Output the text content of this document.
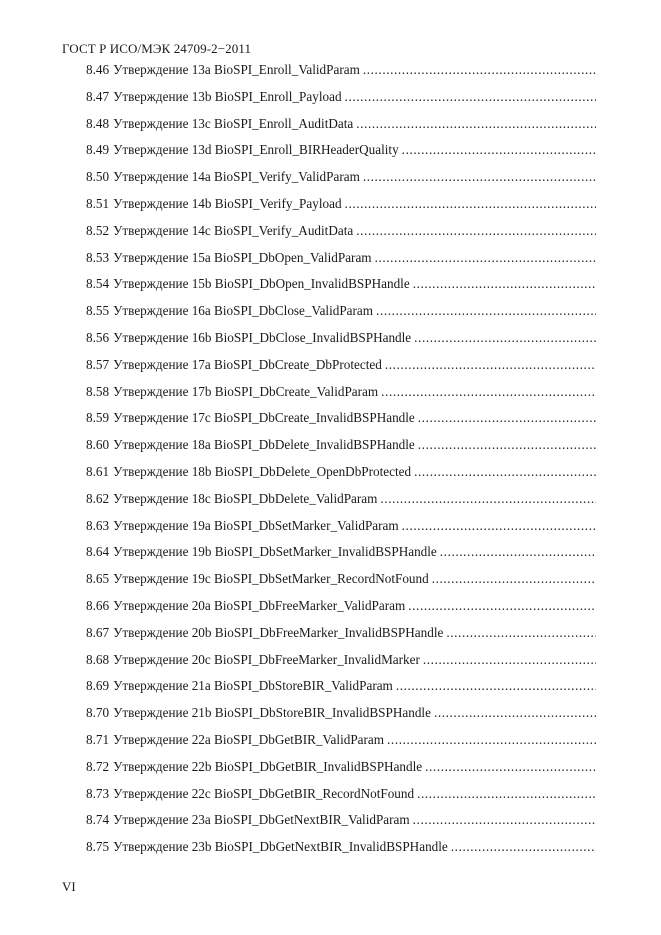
ГОСТ Р ИСО/МЭК 24709-2−2011
8.46 Утверждение 13a BioSPI_Enroll_ValidParam
.....
8.47 Утверждение 13b BioSPI_Enroll_Payload
.....
8.48 Утверждение 13c BioSPI_Enroll_AuditData
.....
8.49 Утверждение 13d BioSPI_Enroll_BIRHeaderQuality
.....
8.50 Утверждение 14a BioSPI_Verify_ValidParam
.....
8.51 Утверждение 14b BioSPI_Verify_Payload
.....
8.52 Утверждение 14c BioSPI_Verify_AuditData
.....
8.53 Утверждение 15a BioSPI_DbOpen_ValidParam
.....
8.54 Утверждение 15b BioSPI_DbOpen_InvalidBSPHandle
.....
8.55 Утверждение 16a BioSPI_DbClose_ValidParam
.....
8.56 Утверждение 16b BioSPI_DbClose_InvalidBSPHandle
.....
8.57 Утверждение 17a BioSPI_DbCreate_DbProtected
.....
8.58 Утверждение 17b BioSPI_DbCreate_ValidParam
.....
8.59 Утверждение 17c BioSPI_DbCreate_InvalidBSPHandle
.....
8.60 Утверждение 18a BioSPI_DbDelete_InvalidBSPHandle
.....
8.61 Утверждение 18b BioSPI_DbDelete_OpenDbProtected
.....
8.62 Утверждение 18c BioSPI_DbDelete_ValidParam
.....
8.63 Утверждение 19a BioSPI_DbSetMarker_ValidParam
.....
8.64 Утверждение 19b BioSPI_DbSetMarker_InvalidBSPHandle
.....
8.65 Утверждение 19c BioSPI_DbSetMarker_RecordNotFound
.....
8.66 Утверждение 20a BioSPI_DbFreeMarker_ValidParam
.....
8.67 Утверждение 20b BioSPI_DbFreeMarker_InvalidBSPHandle
.....
8.68 Утверждение 20c BioSPI_DbFreeMarker_InvalidMarker
.....
8.69 Утверждение 21a BioSPI_DbStoreBIR_ValidParam
.....
8.70 Утверждение 21b BioSPI_DbStoreBIR_InvalidBSPHandle
.....
8.71 Утверждение 22a BioSPI_DbGetBIR_ValidParam
.....
8.72 Утверждение 22b BioSPI_DbGetBIR_InvalidBSPHandle
.....
8.73 Утверждение 22c BioSPI_DbGetBIR_RecordNotFound
.....
8.74 Утверждение 23a BioSPI_DbGetNextBIR_ValidParam
.....
8.75 Утверждение 23b BioSPI_DbGetNextBIR_InvalidBSPHandle
.....
VI
